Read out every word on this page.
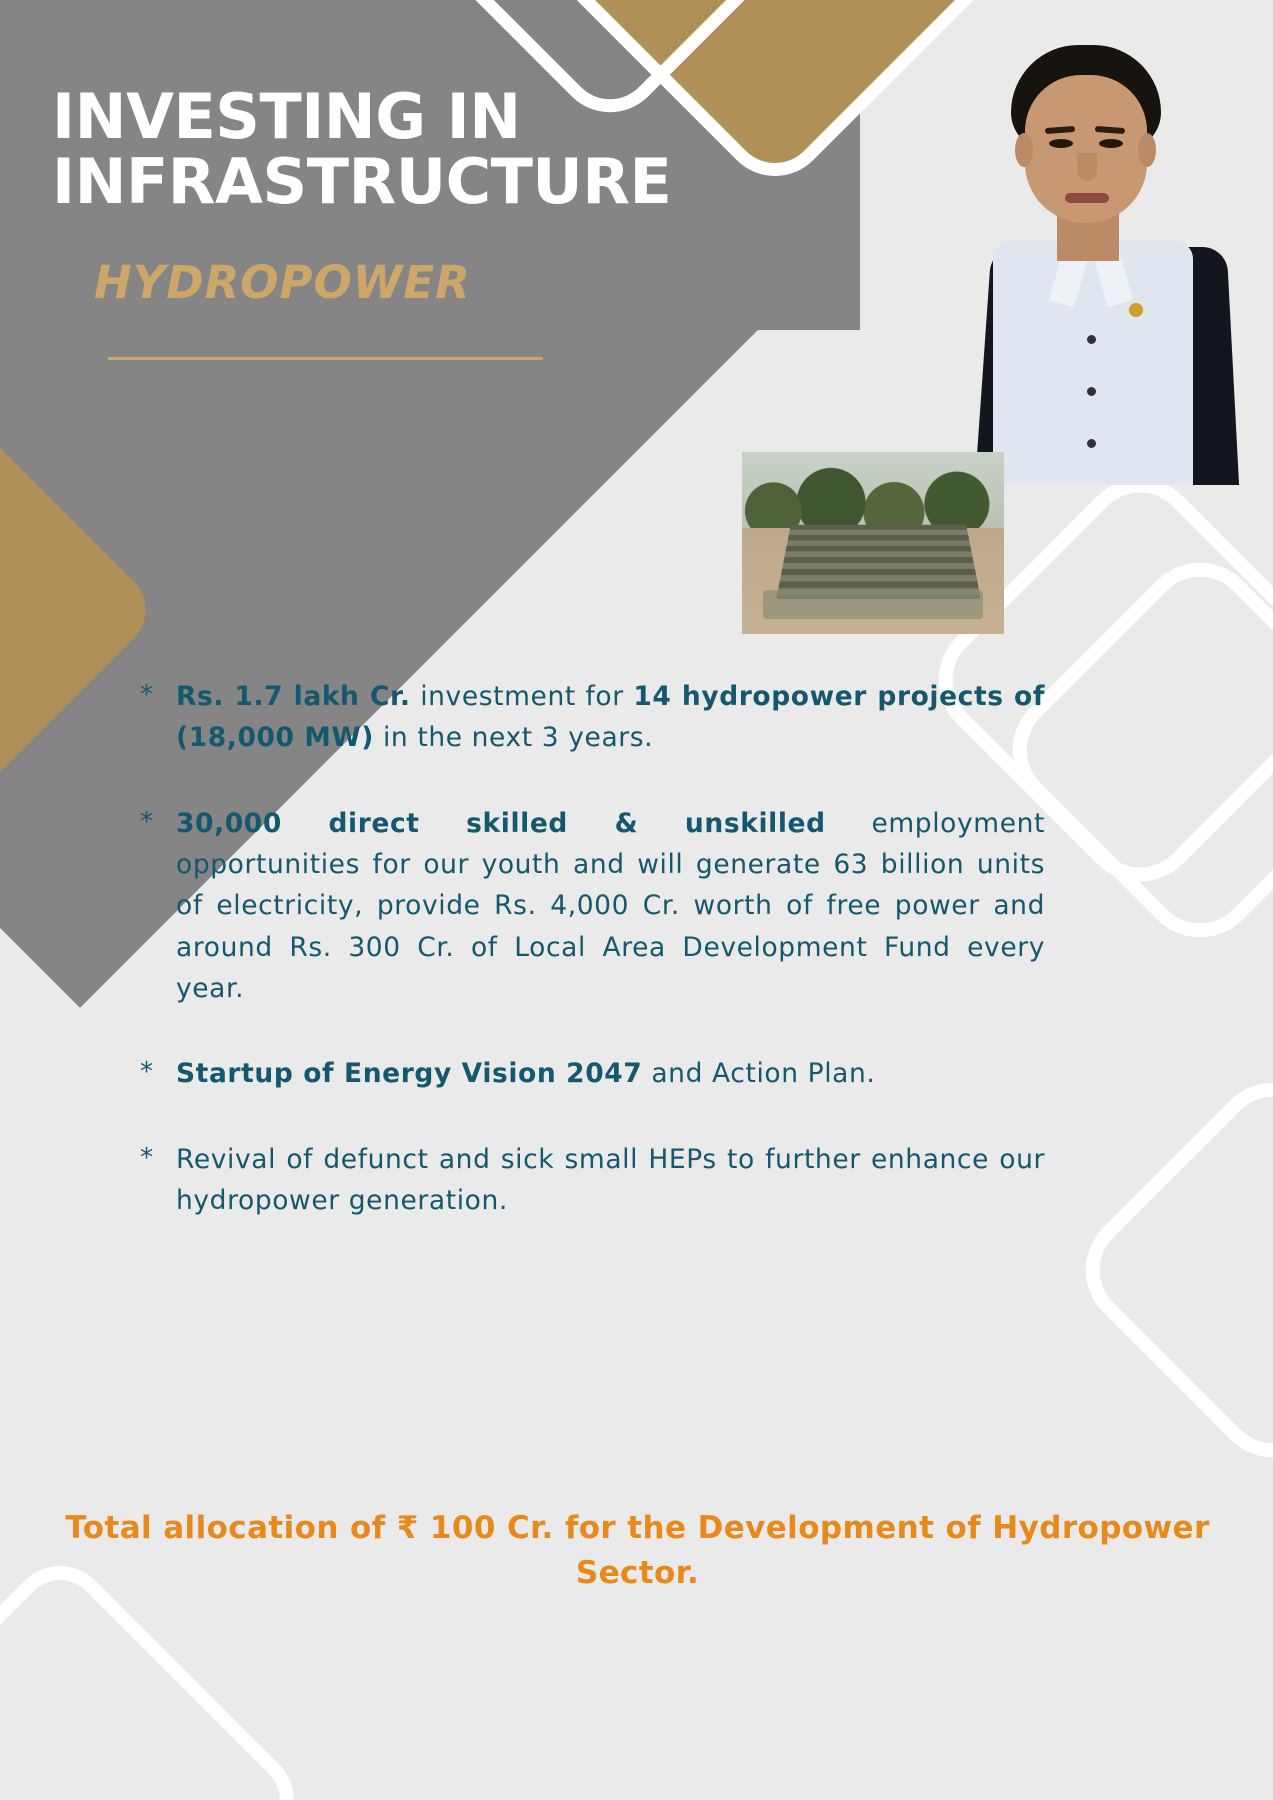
INVESTING IN INFRASTRUCTURE
HYDROPOWER
* Rs. 1.7 lakh Cr. investment for 14 hydropower projects of (18,000 MW) in the next 3 years.
* 30,000 direct skilled & unskilled employment opportunities for our youth and will generate 63 billion units of electricity, provide Rs. 4,000 Cr. worth of free power and around Rs. 300 Cr. of Local Area Development Fund every year.
* Startup of Energy Vision 2047 and Action Plan.
* Revival of defunct and sick small HEPs to further enhance our hydropower generation.
Total allocation of ₹ 100 Cr. for the Development of Hydropower Sector.
